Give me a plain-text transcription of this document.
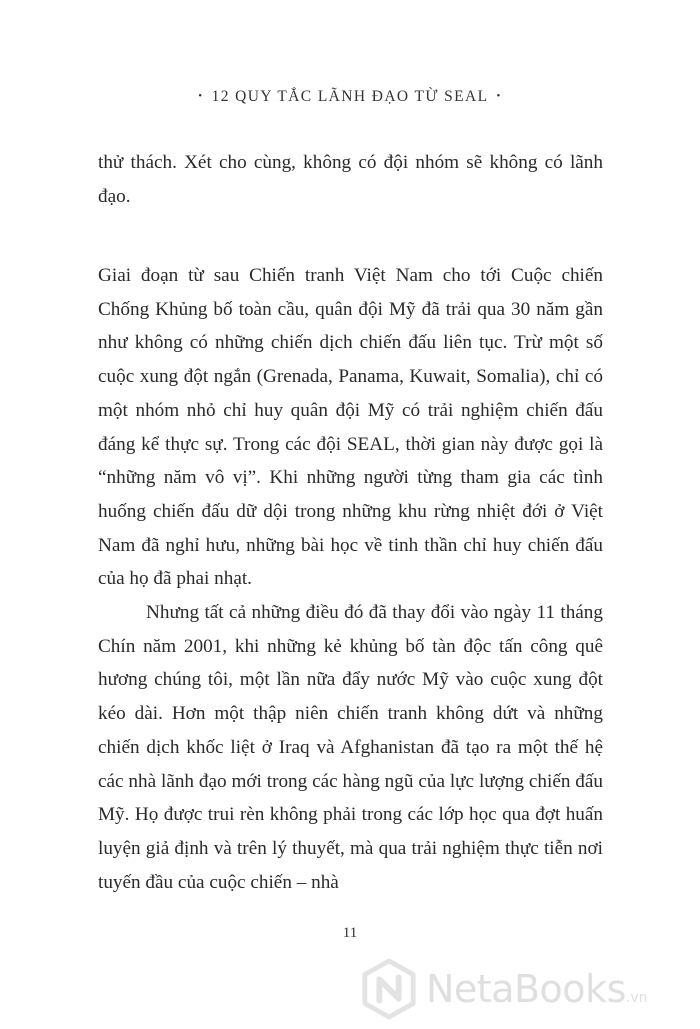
• 12 QUY TẮC LÃNH ĐẠO TỪ SEAL •

thử thách. Xét cho cùng, không có đội nhóm sẽ không có lãnh đạo.

Giai đoạn từ sau Chiến tranh Việt Nam cho tới Cuộc chiến Chống Khủng bố toàn cầu, quân đội Mỹ đã trải qua 30 năm gần như không có những chiến dịch chiến đấu liên tục. Trừ một số cuộc xung đột ngắn (Grenada, Panama, Kuwait, Somalia), chỉ có một nhóm nhỏ chỉ huy quân đội Mỹ có trải nghiệm chiến đấu đáng kể thực sự. Trong các đội SEAL, thời gian này được gọi là “những năm vô vị”. Khi những người từng tham gia các tình huống chiến đấu dữ dội trong những khu rừng nhiệt đới ở Việt Nam đã nghỉ hưu, những bài học về tinh thần chỉ huy chiến đấu của họ đã phai nhạt.

Nhưng tất cả những điều đó đã thay đổi vào ngày 11 tháng Chín năm 2001, khi những kẻ khủng bố tàn độc tấn công quê hương chúng tôi, một lần nữa đẩy nước Mỹ vào cuộc xung đột kéo dài. Hơn một thập niên chiến tranh không dứt và những chiến dịch khốc liệt ở Iraq và Afghanistan đã tạo ra một thế hệ các nhà lãnh đạo mới trong các hàng ngũ của lực lượng chiến đấu Mỹ. Họ được trui rèn không phải trong các lớp học qua đợt huấn luyện giả định và trên lý thuyết, mà qua trải nghiệm thực tiễn nơi tuyến đầu của cuộc chiến – nhà

11
NetaBooks.vn
